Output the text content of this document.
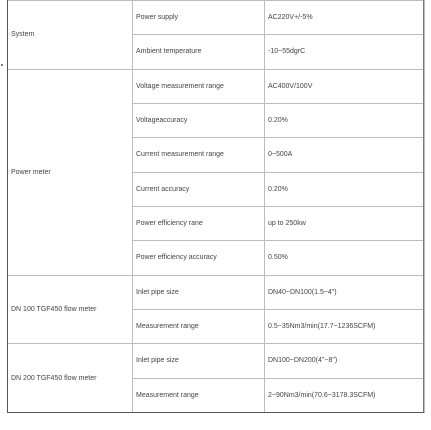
System	Power supply	AC220V+/-5%
	Ambient temperature	-10~55dgrC
Power meter	Voltage measurement range	AC400V/100V
	Voltageaccuracy	0.20%
	Current measurement range	0~500A
	Current accuracy	0.20%
	Power efficiency rane	up to 250kw
	Power efficiency accuracy	0.50%
DN 100 TGF450 flow meter	Inlet pipe size	DN40~DN100(1.5~4")
	Measurement range	0.5~35Nm3/min(17.7~1236SCFM)
DN 200 TGF450 flow meter	Inlet pipe size	DN100~DN200(4"~8")
	Measurement range	2~90Nm3/min(70.6~3178.3SCFM)
